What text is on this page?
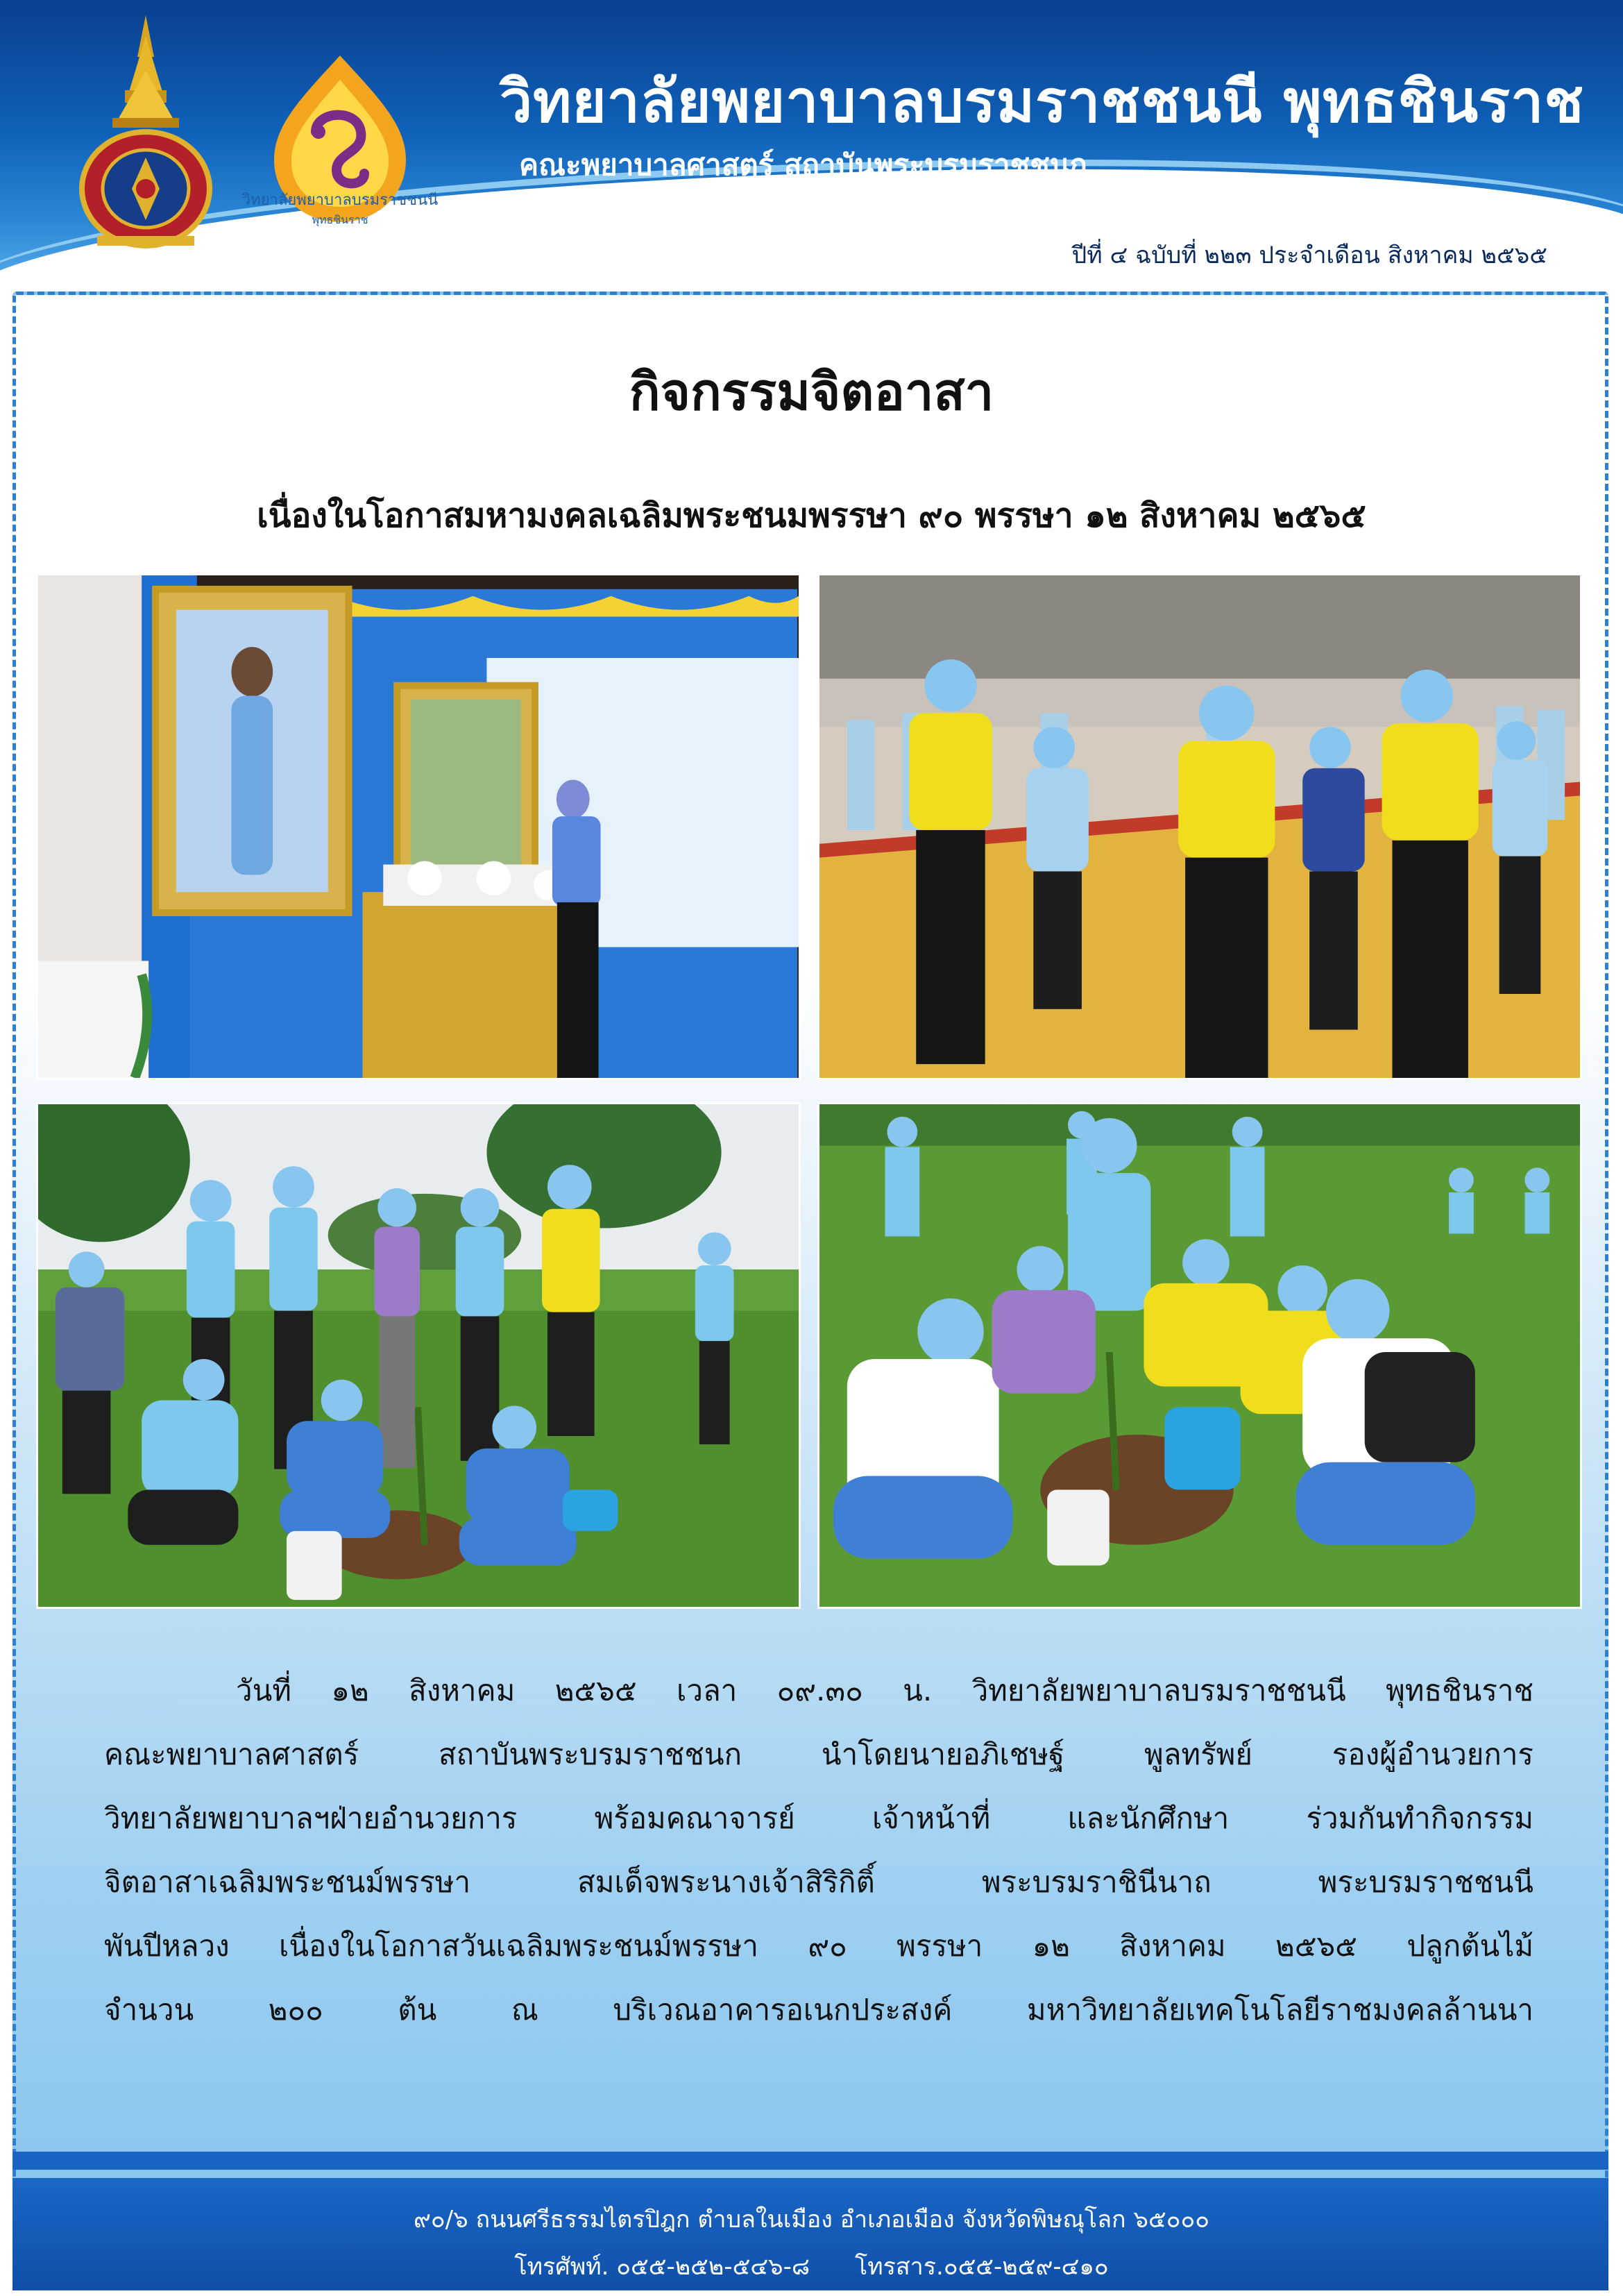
วิทยาลัยพยาบาลบรมราชชนนี
พุทธชินราช
วิทยาลัยพยาบาลบรมราชชนนี พุทธชินราช
คณะพยาบาลศาสตร์ สถาบันพระบรมราชชนก
ปีที่ ๔ ฉบับที่ ๒๒๓ ประจำเดือน สิงหาคม ๒๕๖๕
กิจกรรมจิตอาสา
เนื่องในโอกาสมหามงคลเฉลิมพระชนมพรรษา ๙๐ พรรษา ๑๒ สิงหาคม ๒๕๖๕
วันที่ ๑๒ สิงหาคม ๒๕๖๕ เวลา ๐๙.๓๐ น. วิทยาลัยพยาบาลบรมราชชนนี พุทธชินราช
คณะพยาบาลศาสตร์ สถาบันพระบรมราชชนก นำโดยนายอภิเชษฐ์ พูลทรัพย์ รองผู้อำนวยการ
วิทยาลัยพยาบาลฯฝ่ายอำนวยการ พร้อมคณาจารย์ เจ้าหน้าที่ และนักศึกษา ร่วมกันทำกิจกรรม
จิตอาสาเฉลิมพระชนม์พรรษา สมเด็จพระนางเจ้าสิริกิติ์ พระบรมราชินีนาถ พระบรมราชชนนี
พันปีหลวง เนื่องในโอกาสวันเฉลิมพระชนม์พรรษา ๙๐ พรรษา ๑๒ สิงหาคม ๒๕๖๕ ปลูกต้นไม้
จำนวน ๒๐๐ ต้น ณ บริเวณอาคารอเนกประสงค์ มหาวิทยาลัยเทคโนโลยีราชมงคลล้านนา
๙๐/๖ ถนนศรีธรรมไตรปิฎก ตำบลในเมือง อำเภอเมือง จังหวัดพิษณุโลก ๖๕๐๐๐
โทรศัพท์. ๐๕๕-๒๕๒-๕๔๖-๘      โทรสาร.๐๕๕-๒๕๙-๔๑๐
